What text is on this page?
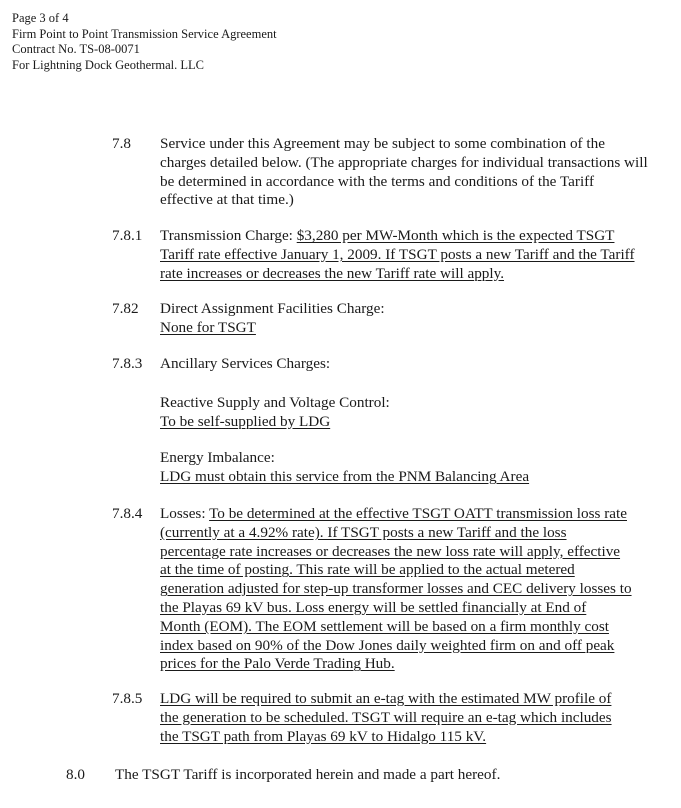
Page 3 of 4
Firm Point to Point Transmission Service Agreement
Contract No. TS-08-0071
For Lightning Dock Geothermal. LLC
7.8 Service under this Agreement may be subject to some combination of the charges detailed below. (The appropriate charges for individual transactions will be determined in accordance with the terms and conditions of the Tariff effective at that time.)
7.8.1 Transmission Charge: $3,280 per MW-Month which is the expected TSGT Tariff rate effective January 1, 2009. If TSGT posts a new Tariff and the Tariff rate increases or decreases the new Tariff rate will apply.
7.82 Direct Assignment Facilities Charge:
None for TSGT
7.8.3 Ancillary Services Charges:
Reactive Supply and Voltage Control:
To be self-supplied by LDG
Energy Imbalance:
LDG must obtain this service from the PNM Balancing Area
7.8.4 Losses: To be determined at the effective TSGT OATT transmission loss rate
(currently at a 4.92% rate). If TSGT posts a new Tariff and the loss
percentage rate increases or decreases the new loss rate will apply, effective
at the time of posting. This rate will be applied to the actual metered
generation adjusted for step-up transformer losses and CEC delivery losses to
the Playas 69 kV bus. Loss energy will be settled financially at End of
Month (EOM). The EOM settlement will be based on a firm monthly cost
index based on 90% of the Dow Jones daily weighted firm on and off peak
prices for the Palo Verde Trading Hub.
7.8.5 LDG will be required to submit an e-tag with the estimated MW profile of
the generation to be scheduled. TSGT will require an e-tag which includes
the TSGT path from Playas 69 kV to Hidalgo 115 kV.
8.0 The TSGT Tariff is incorporated herein and made a part hereof.
